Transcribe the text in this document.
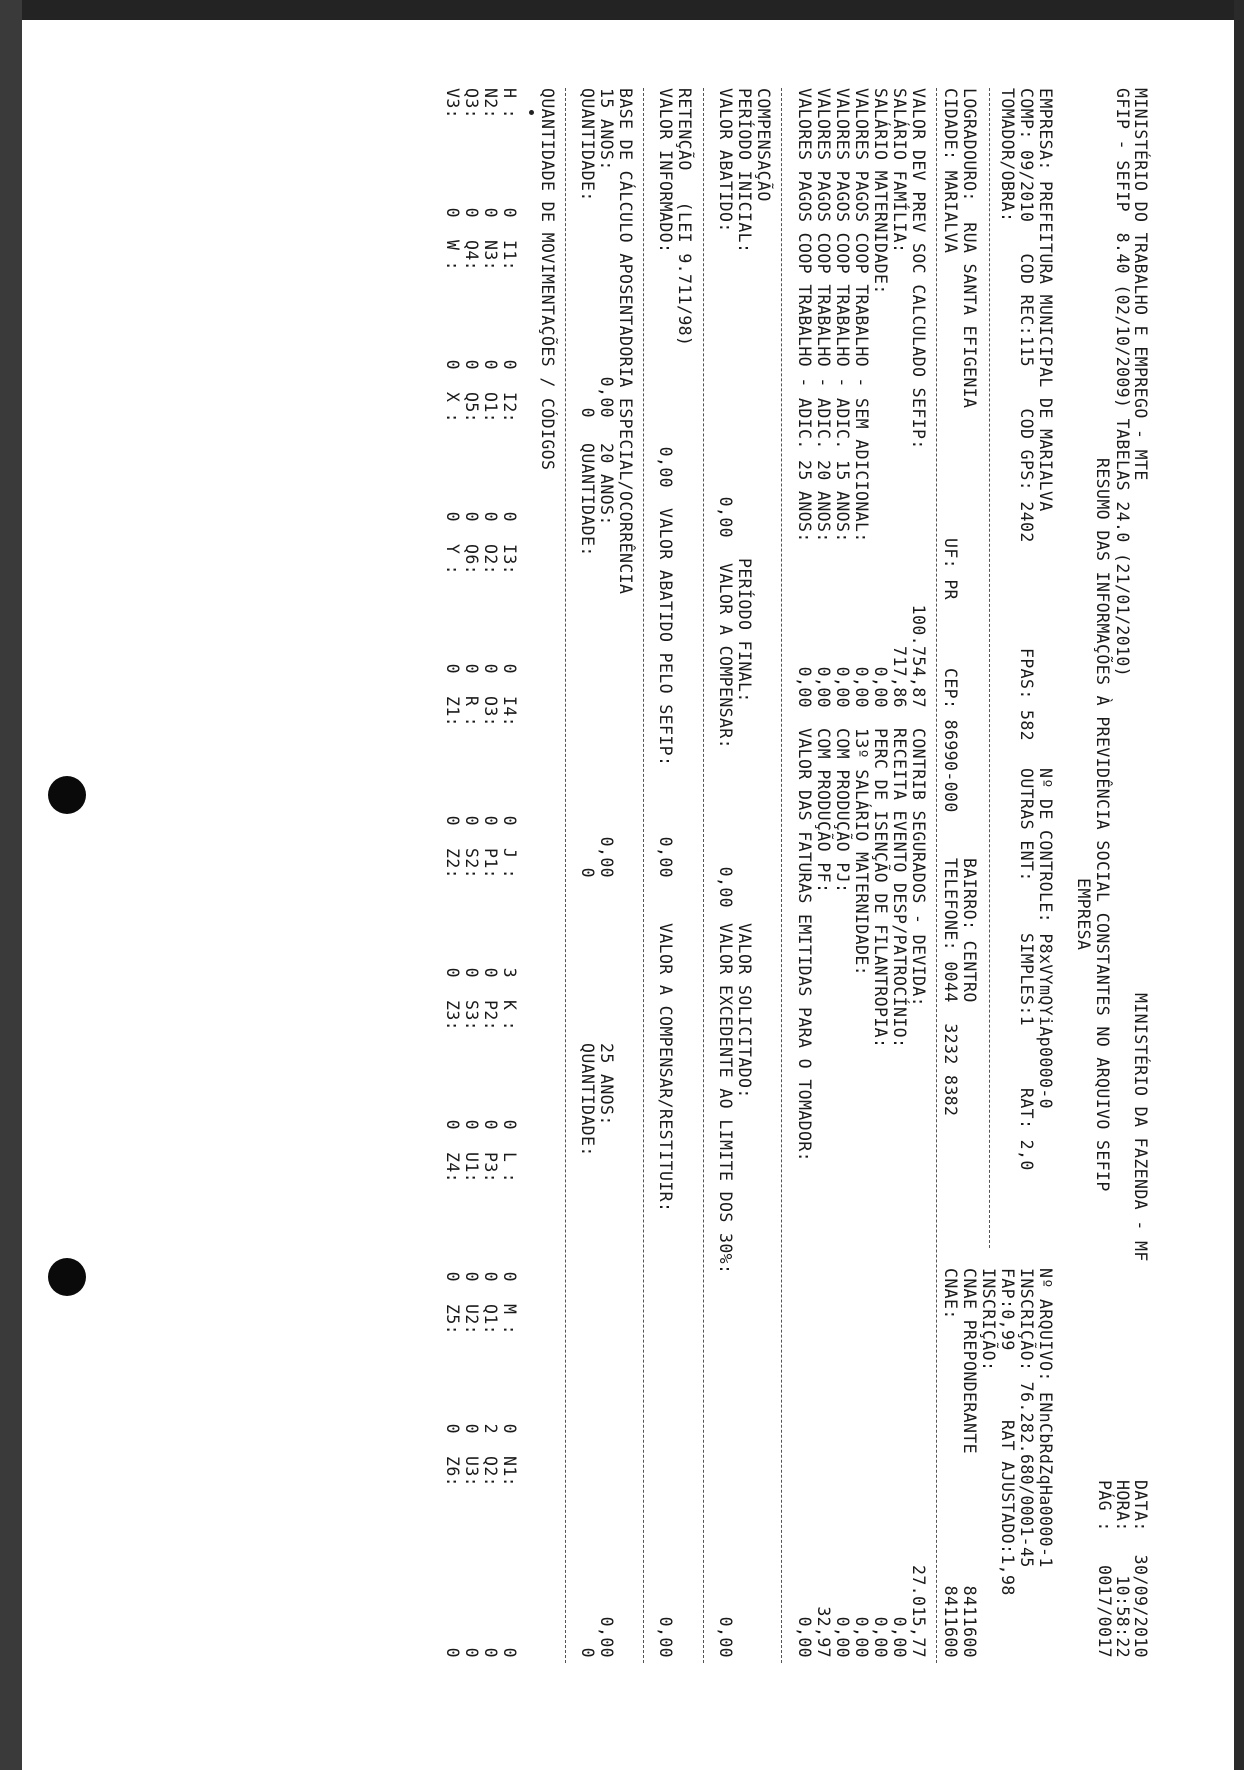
MINISTÉRIO DO TRABALHO E EMPREGO - MTE
MINISTÉRIO DA FAZENDA - MF
DATA:
30/09/2010
GFIP - SEFIP  8.40 (02/10/2009) TABELAS 24.0 (21/01/2010)
HORA:
10:58:22
PÁG :
0017/0017
RESUMO DAS INFORMAÇÕES À PREVIDÊNCIA SOCIAL CONSTANTES NO ARQUIVO SEFIP
EMPRESA
EMPRESA: PREFEITURA MUNICIPAL DE MARIALVA
Nº DE CONTROLE: P8xVYmQYiAp0000-0
Nº ARQUIVO: ENnCbRdZqHa0000-1
COMP: 09/2010   COD REC:115    COD GPS: 2402
FPAS: 582
OUTRAS ENT:
SIMPLES:1
RAT: 2,0
INSCRIÇÃO: 76.282.680/0001-45
TOMADOR/OBRA:
FAP:0,99
RAT AJUSTADO:1,98
INSCRIÇÃO:
LOGRADOURO:  RUA SANTA EFIGENIA
BAIRRO: CENTRO
CNAE PREPONDERANTE
8411600
CIDADE: MARIALVA
UF: PR
CEP: 86990-000
TELEFONE: 0044  3232 8382
CNAE:
8411600
VALOR DEV PREV SOC CALCULADO SEFIP:
100.754,87
CONTRIB SEGURADOS - DEVIDA:
27.015,77
SALÁRIO FAMÍLIA:
717,86
RECEITA EVENTO DESP/PATROCÍNIO:
0,00
SALÁRIO MATERNIDADE:
0,00
PERC DE ISENÇÃO DE FILANTROPIA:
0,00
VALORES PAGOS COOP TRABALHO - SEM ADICIONAL:
0,00
13º SALÁRIO MATERNIDADE:
0,00
VALORES PAGOS COOP TRABALHO - ADIC. 15 ANOS:
0,00
COM PRODUÇÃO PJ:
0,00
VALORES PAGOS COOP TRABALHO - ADIC. 20 ANOS:
0,00
COM PRODUÇÃO PF:
32,97
VALORES PAGOS COOP TRABALHO - ADIC. 25 ANOS:
0,00
VALOR DAS FATURAS EMITIDAS PARA O TOMADOR:
0,00
COMPENSAÇÃO
PERÍODO INICIAL:
PERÍODO FINAL:
VALOR SOLICITADO:
VALOR ABATIDO:
0,00
VALOR A COMPENSAR:
0,00
VALOR EXCEDENTE AO LIMITE DOS 30%:
0,00
RETENÇÃO   (LEI 9.711/98)
VALOR INFORMADO:
0,00
VALOR ABATIDO PELO SEFIP:
0,00
VALOR A COMPENSAR/RESTITUIR:
0,00
BASE DE CÁLCULO APOSENTADORIA ESPECIAL/OCORRÊNCIA
15 ANOS:
0,00
20 ANOS:
0,00
25 ANOS:
0,00
QUANTIDADE:
0
QUANTIDADE:
0
QUANTIDADE:
0
QUANTIDADE DE MOVIMENTAÇÕES / CÓDIGOS
H :
0
I1:
0
I2:
0
I3:
0
I4:
0
J :
3
K :
0
L :
0
M :
0
N1:
0
N2:
0
N3:
0
O1:
0
O2:
0
O3:
0
P1:
0
P2:
0
P3:
0
Q1:
2
Q2:
0
Q3:
0
Q4:
0
Q5:
0
Q6:
0
R :
0
S2:
0
S3:
0
U1:
0
U2:
0
U3:
0
V3:
0
W :
0
X :
0
Y :
0
Z1:
0
Z2:
0
Z3:
0
Z4:
0
Z5:
0
Z6:
0
